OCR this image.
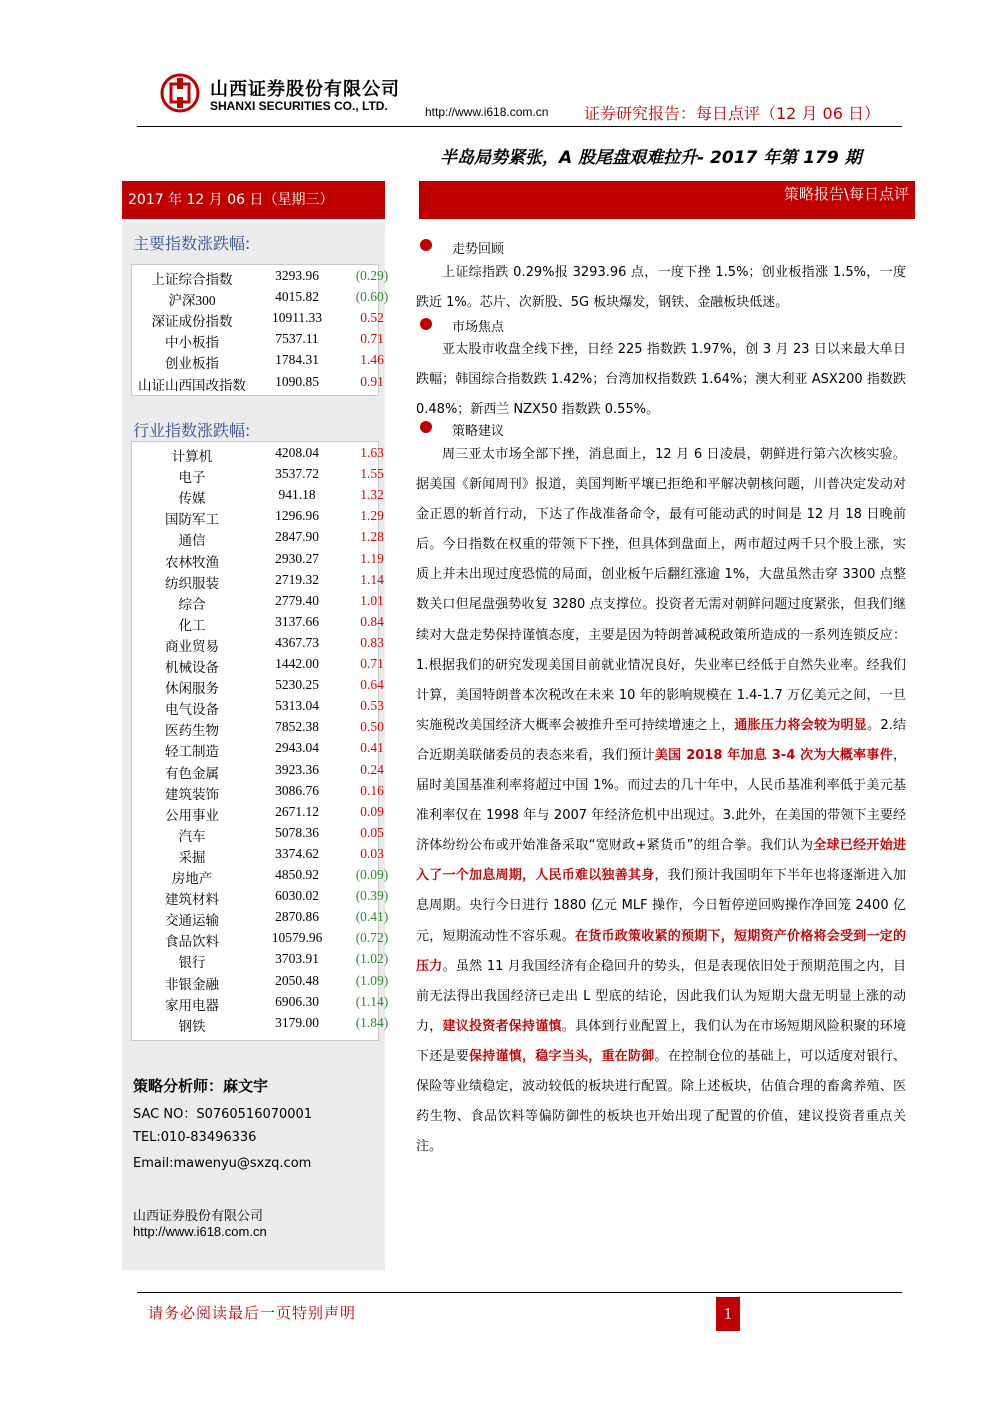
山西证券股份有限公司
SHANXI SECURITIES CO., LTD.	http://www.i618.com.cn 证券研究报告：每日点评（12 月 06 日）
半岛局势紧张，A 股尾盘艰难拉升- 2017 年第 179 期
2017 年 12 月 06 日（星期三）	策略报告\每日点评
主要指数涨跌幅:
上证综合指数	3293.96	(0.29)
沪深300	4015.82	(0.60)
深证成份指数	10911.33	0.52
中小板指	7537.11	0.71
创业板指	1784.31	1.46
山证山西国改指数	1090.85	0.91
行业指数涨跌幅:
计算机	4208.04	1.63
电子	3537.72	1.55
传媒	941.18	1.32
国防军工	1296.96	1.29
通信	2847.90	1.28
农林牧渔	2930.27	1.19
纺织服装	2719.32	1.14
综合	2779.40	1.01
化工	3137.66	0.84
商业贸易	4367.73	0.83
机械设备	1442.00	0.71
休闲服务	5230.25	0.64
电气设备	5313.04	0.53
医药生物	7852.38	0.50
轻工制造	2943.04	0.41
有色金属	3923.36	0.24
建筑装饰	3086.76	0.16
公用事业	2671.12	0.09
汽车	5078.36	0.05
采掘	3374.62	0.03
房地产	4850.92	(0.09)
建筑材料	6030.02	(0.39)
交通运输	2870.86	(0.41)
食品饮料	10579.96	(0.72)
银行	3703.91	(1.02)
非银金融	2050.48	(1.09)
家用电器	6906.30	(1.14)
钢铁	3179.00	(1.84)
策略分析师：麻文宇
SAC NO：S0760516070001
TEL:010-83496336
Email:mawenyu@sxzq.com
山西证券股份有限公司
http://www.i618.com.cn
走势回顾

上证综指跌 0.29%报 3293.96 点，一度下挫 1.5%；创业板指涨 1.5%，一度跌近 1%。芯片、次新股、5G 板块爆发，钢铁、金融板块低迷。

市场焦点

亚太股市收盘全线下挫，日经 225 指数跌 1.97%，创 3 月 23 日以来最大单日跌幅；韩国综合指数跌 1.42%；台湾加权指数跌 1.64%；澳大利亚 ASX200 指数跌 0.48%；新西兰 NZX50 指数跌 0.55%。

策略建议

周三亚太市场全部下挫，消息面上，12 月 6 日凌晨，朝鲜进行第六次核实验。据美国《新闻周刊》报道，美国判断平壤已拒绝和平解决朝核问题，川普决定发动对金正恩的斩首行动，下达了作战准备命令，最有可能动武的时间是 12 月 18 日晚前后。今日指数在权重的带领下下挫，但具体到盘面上，两市超过两千只个股上涨，实质上并未出现过度恐慌的局面，创业板午后翻红涨逾 1%，大盘虽然击穿 3300 点整数关口但尾盘强势收复 3280 点支撑位。投资者无需对朝鲜问题过度紧张，但我们继续对大盘走势保持谨慎态度，主要是因为特朗普减税政策所造成的一系列连锁反应：1.根据我们的研究发现美国目前就业情况良好，失业率已经低于自然失业率。经我们计算，美国特朗普本次税改在未来 10 年的影响规模在 1.4-1.7 万亿美元之间，一旦实施税改美国经济大概率会被推升至可持续增速之上，通胀压力将会较为明显。2.结合近期美联储委员的表态来看，我们预计美国 2018 年加息 3-4 次为大概率事件，届时美国基准利率将超过中国 1%。而过去的几十年中，人民币基准利率低于美元基准利率仅在 1998 年与 2007 年经济危机中出现过。3.此外，在美国的带领下主要经济体纷纷公布或开始准备采取“宽财政+紧货币”的组合拳。我们认为全球已经开始进入了一个加息周期，人民币难以独善其身，我们预计我国明年下半年也将逐渐进入加息周期。央行今日进行 1880 亿元 MLF 操作，今日暂停逆回购操作净回笼 2400 亿元，短期流动性不容乐观。在货币政策收紧的预期下，短期资产价格将会受到一定的压力。虽然 11 月我国经济有企稳回升的势头，但是表现依旧处于预期范围之内，目前无法得出我国经济已走出 L 型底的结论，因此我们认为短期大盘无明显上涨的动力，建议投资者保持谨慎。具体到行业配置上，我们认为在市场短期风险积聚的环境下还是要保持谨慎，稳字当头，重在防御。在控制仓位的基础上，可以适度对银行、保险等业绩稳定，波动较低的板块进行配置。除上述板块，估值合理的畜禽养殖、医药生物、食品饮料等偏防御性的板块也开始出现了配置的价值，建议投资者重点关注。

请务必阅读最后一页特别声明	1
